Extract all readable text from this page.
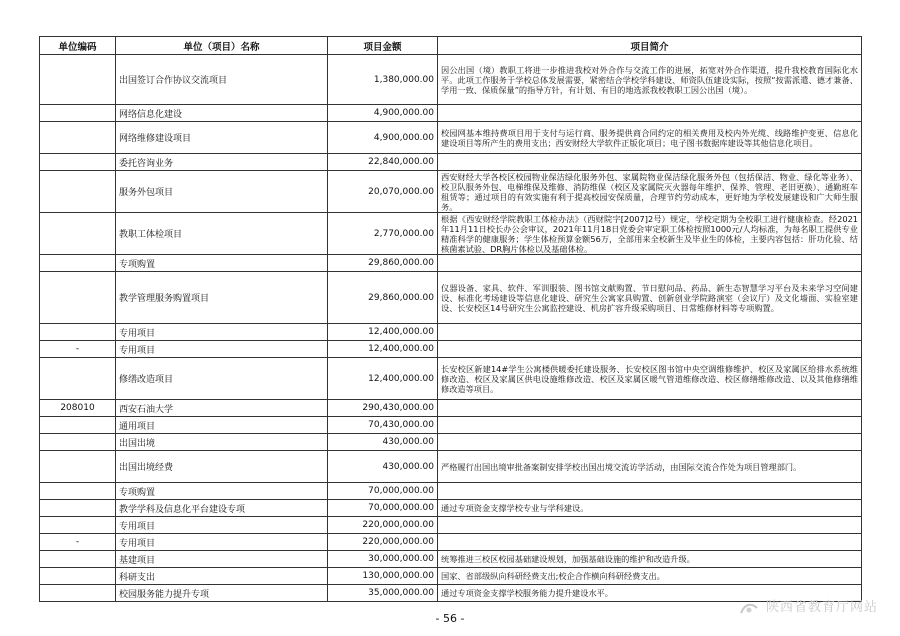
单位编码	单位（项目）名称	项目金额	项目简介
	出国签订合作协议交流项目	1,380,000.00	因公出国（境）教职工将进一步推进我校对外合作与交流工作的进展，拓宽对外合作渠道，提升我校教育国际化水平。此项工作服务于学校总体发展需要，紧密结合学校学科建设、师资队伍建设实际，按照“按需派遣、德才兼备、学用一致、保质保量”的指导方针，有计划、有目的地选派我校教职工因公出国（境）。
	网络信息化建设	4,900,000.00	
	网络维修建设项目	4,900,000.00	校园网基本维持费项目用于支付与运行商、服务提供商合同约定的相关费用及校内外光缆、线路维护变更、信息化建设项目等所产生的费用支出；西安财经大学软件正版化项目；电子图书数据库建设等其他信息化项目。
	委托咨询业务	22,840,000.00	
	服务外包项目	20,070,000.00	西安财经大学各校区校园物业保洁绿化服务外包、家属院物业保洁绿化服务外包（包括保洁、物业、绿化等业务）、校卫队服务外包、电梯维保及维修、消防维保（校区及家属院灭火器每年维护、保养、管理、老旧更换）、通勤班车租赁等；通过项目的有效实施有利于提高校园安保质量，合理节约劳动成本，更好地为学校发展建设和广大师生服务。
	教职工体检项目	2,770,000.00	根据《西安财经学院教职工体检办法》（西财院字[2007]2号）规定，学校定期为全校职工进行健康检查。经2021年11月11日校长办公会审议，2021年11月18日党委会审定职工体检按照1000元/人均标准，为每名职工提供专业精准科学的健康服务；学生体检预算金额56万，全部用来全校新生及毕业生的体检，主要内容包括：肝功化验、结核菌素试验、DR胸片体检以及基础体检。
	专项购置	29,860,000.00	
	教学管理服务购置项目	29,860,000.00	仪器设备、家具、软件、军训服装、图书馆文献购置、节日慰问品、药品、新生态智慧学习平台及未来学习空间建设、标准化考场建设等信息化建设、研究生公寓家具购置、创新创业学院路演室（会议厅）及文化墙面、实验室建设、长安校区14号研究生公寓监控建设、机房扩容升级采购项目、日常维修材料等专项购置。
	专用项目	12,400,000.00	
-	专用项目	12,400,000.00	
	修缮改造项目	12,400,000.00	长安校区新建14#学生公寓楼供暖委托建设服务、长安校区图书馆中央空调维修维护、校区及家属区给排水系统维修改造、校区及家属区供电设施维修改造、校区及家属区暖气管道维修改造、校区修缮维修改造、以及其他修缮维修改造等项目。
208010	西安石油大学	290,430,000.00	
	通用项目	70,430,000.00	
	出国出境	430,000.00	
	出国出境经费	430,000.00	严格履行出国出境审批备案制安排学校出国出境交流访学活动，由国际交流合作处为项目管理部门。
	专项购置	70,000,000.00	
	教学学科及信息化平台建设专项	70,000,000.00	通过专项资金支撑学校专业与学科建设。
	专用项目	220,000,000.00	
-	专用项目	220,000,000.00	
	基建项目	30,000,000.00	统筹推进三校区校园基础建设规划，加强基础设施的维护和改造升级。
	科研支出	130,000,000.00	国家、省部级纵向科研经费支出;校企合作横向科研经费支出。
	校园服务能力提升专项	35,000,000.00	通过专项资金支撑学校服务能力提升建设水平。
陕西省教育厅网站
- 56 -
